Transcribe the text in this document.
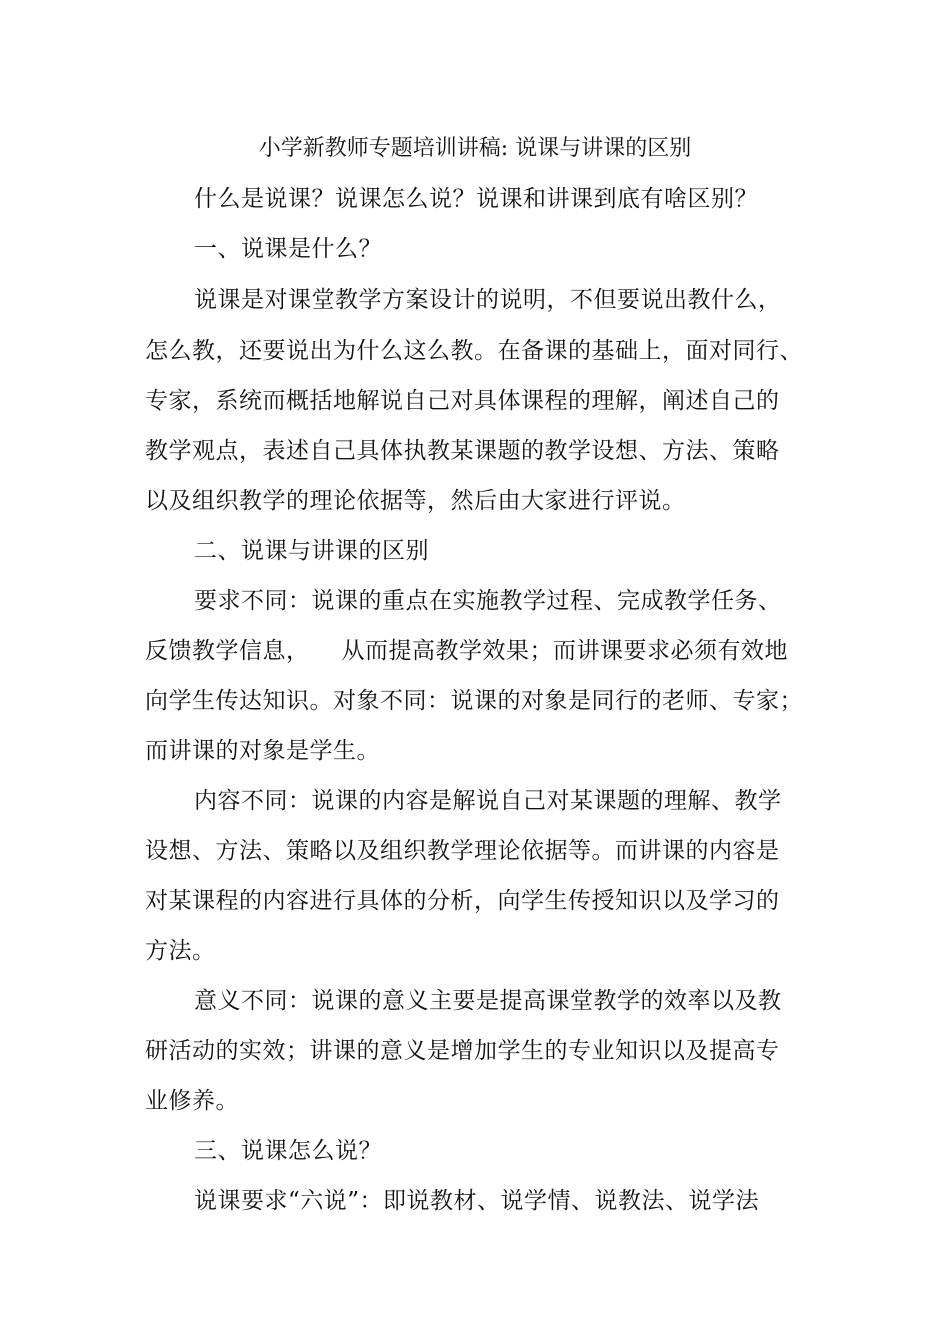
小学新教师专题培训讲稿: 说课与讲课的区别
什么是说课？说课怎么说？说课和讲课到底有啥区别？
一、说课是什么？
说课是对课堂教学方案设计的说明，不但要说出教什么，
怎么教，还要说出为什么这么教。在备课的基础上，面对同行、
专家，系统而概括地解说自己对具体课程的理解，阐述自己的
教学观点，表述自己具体执教某课题的教学设想、方法、策略
以及组织教学的理论依据等，然后由大家进行评说。
二、说课与讲课的区别
要求不同：说课的重点在实施教学过程、完成教学任务、
反馈教学信息， 从而提高教学效果；而讲课要求必须有效地
向学生传达知识。对象不同：说课的对象是同行的老师、专家；
而讲课的对象是学生。
内容不同：说课的内容是解说自己对某课题的理解、教学
设想、方法、策略以及组织教学理论依据等。而讲课的内容是
对某课程的内容进行具体的分析，向学生传授知识以及学习的
方法。
意义不同：说课的意义主要是提高课堂教学的效率以及教
研活动的实效；讲课的意义是增加学生的专业知识以及提高专
业修养。
三、说课怎么说？
说课要求“六说”：即说教材、说学情、说教法、说学法
